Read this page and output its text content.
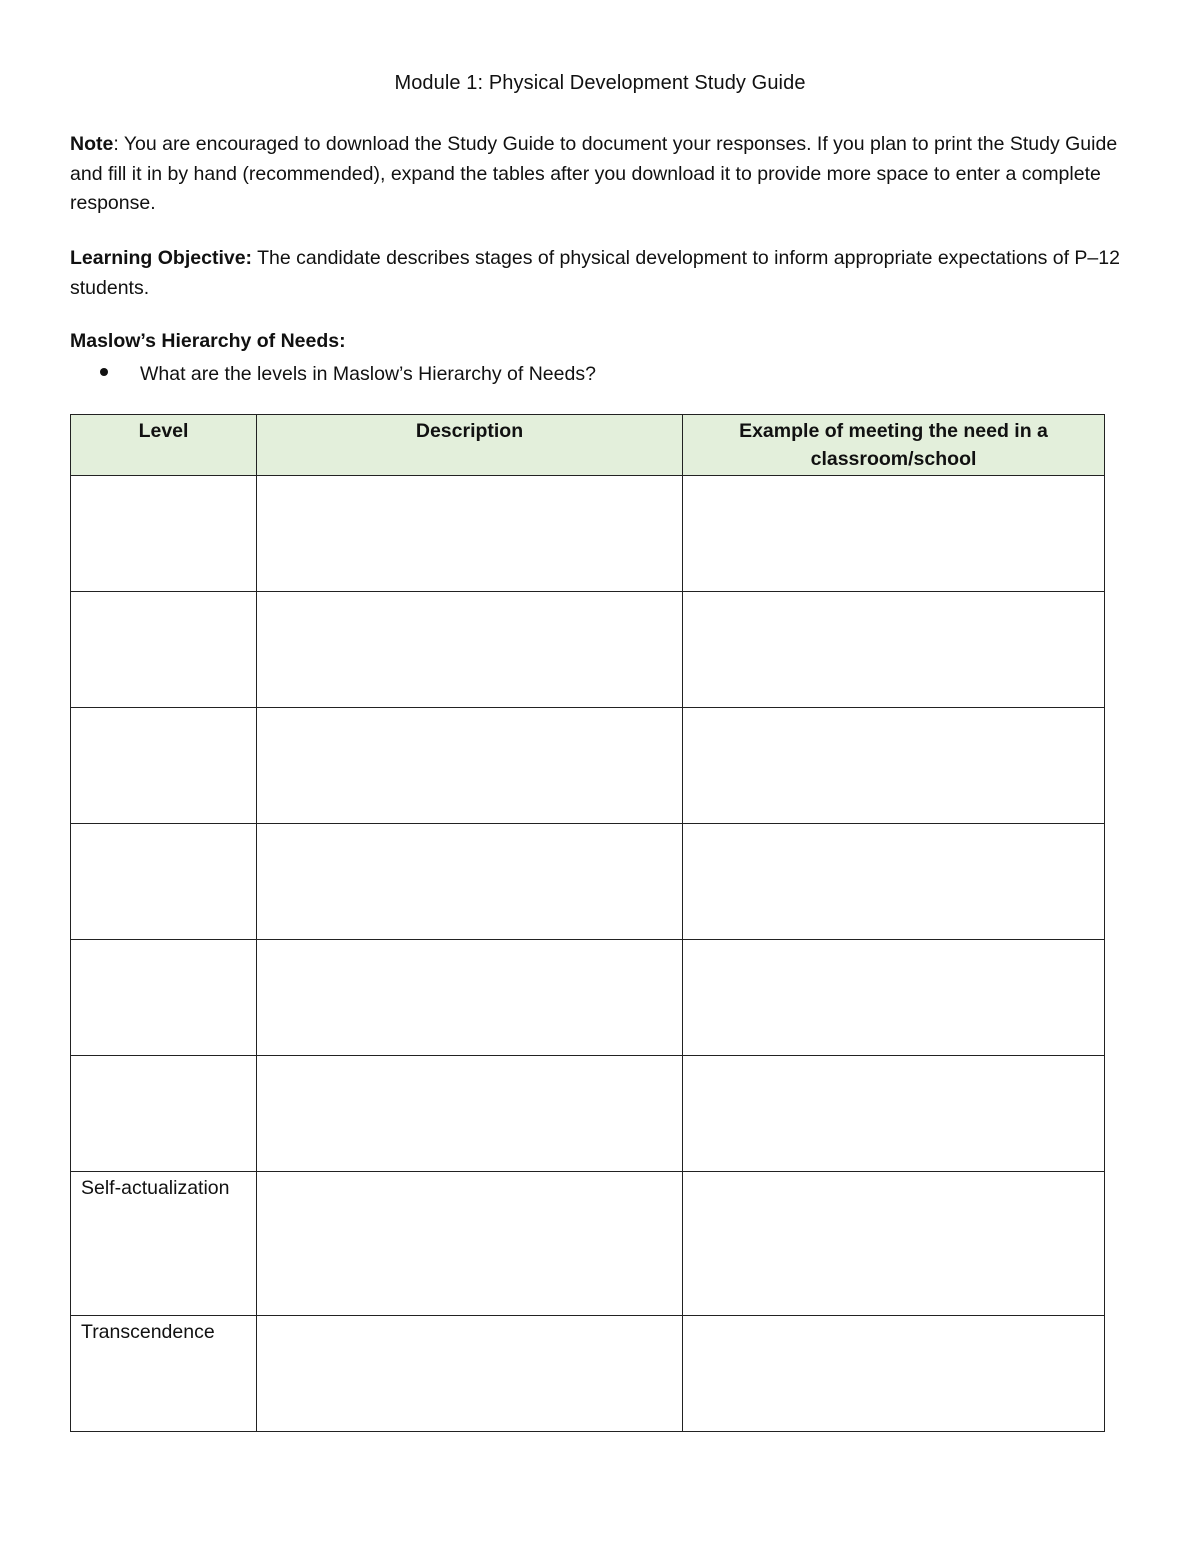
Module 1: Physical Development Study Guide
Note: You are encouraged to download the Study Guide to document your responses. If you plan to print the Study Guide and fill it in by hand (recommended), expand the tables after you download it to provide more space to enter a complete response.
Learning Objective: The candidate describes stages of physical development to inform appropriate expectations of P–12 students.
Maslow’s Hierarchy of Needs:
What are the levels in Maslow’s Hierarchy of Needs?
Level	Description	Example of meeting the need in a classroom/school

Self-actualization		
Transcendence		
